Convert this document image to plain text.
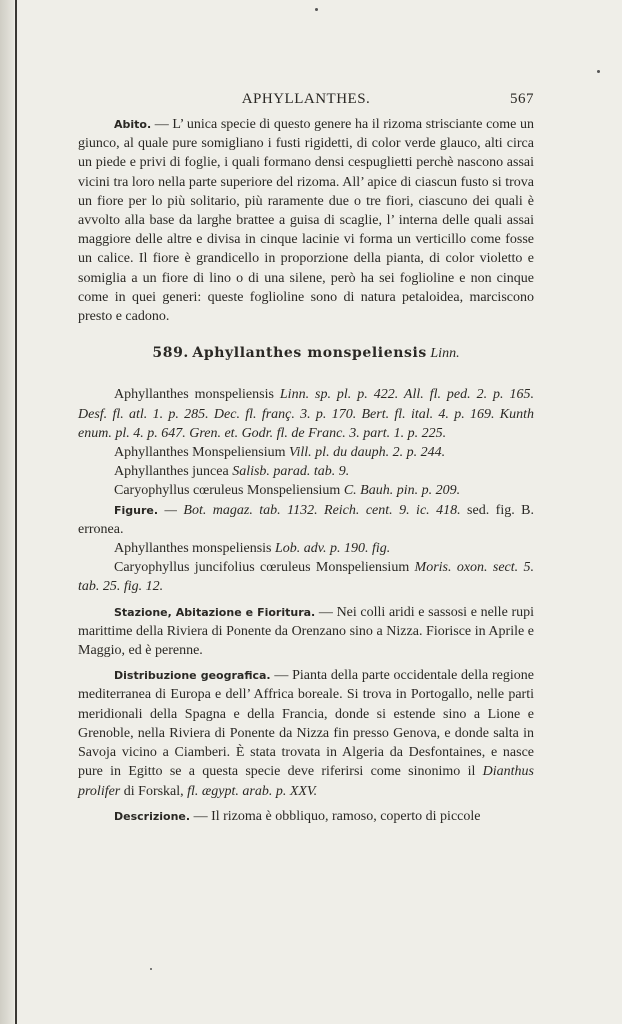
APHYLLANTHES.	567

Abito. — L’ unica specie di questo genere ha il rizoma strisciante come un giunco, al quale pure somigliano i fusti rigidetti, di color verde glauco, alti circa un piede e privi di foglie, i quali formano densi cespuglietti perchè nascono assai vicini tra loro nella parte superiore del rizoma. All’ apice di ciascun fusto si trova un fiore per lo più solitario, più raramente due o tre fiori, ciascuno dei quali è avvolto alla base da larghe brattee a guisa di scaglie, l’ interna delle quali assai maggiore delle altre e divisa in cinque lacinie vi forma un verticillo come fosse un calice. Il fiore è grandicello in proporzione della pianta, di color violetto e somiglia a un fiore di lino o di una silene, però ha sei foglioline e non cinque come in quei generi: queste foglioline sono di natura petaloidea, marciscono presto e cadono.

589. Aphyllanthes monspeliensis Linn.

Aphyllanthes monspeliensis Linn. sp. pl. p. 422. All. fl. ped. 2. p. 165. Desf. fl. atl. 1. p. 285. Dec. fl. franç. 3. p. 170. Bert. fl. ital. 4. p. 169. Kunth enum. pl. 4. p. 647. Gren. et. Godr. fl. de Franc. 3. part. 1. p. 225.

Aphyllanthes Monspeliensium Vill. pl. du dauph. 2. p. 244.

Aphyllanthes juncea Salisb. parad. tab. 9.

Caryophyllus cœruleus Monspeliensium C. Bauh. pin. p. 209.

Figure. — Bot. magaz. tab. 1132. Reich. cent. 9. ic. 418. sed. fig. B. erronea.

Aphyllanthes monspeliensis Lob. adv. p. 190. fig.

Caryophyllus juncifolius cœruleus Monspeliensium Moris. oxon. sect. 5. tab. 25. fig. 12.

Stazione, Abitazione e Fioritura. — Nei colli aridi e sassosi e nelle rupi marittime della Riviera di Ponente da Orenzano sino a Nizza. Fiorisce in Aprile e Maggio, ed è perenne.

Distribuzione geografica. — Pianta della parte occidentale della regione mediterranea di Europa e dell’ Affrica boreale. Si trova in Portogallo, nelle parti meridionali della Spagna e della Francia, donde si estende sino a Lione e Grenoble, nella Riviera di Ponente da Nizza fin presso Genova, e donde salta in Savoja vicino a Ciamberi. È stata trovata in Algeria da Desfontaines, e nasce pure in Egitto se a questa specie deve riferirsi come sinonimo il Dianthus prolifer di Forskal, fl. ægypt. arab. p. XXV.

Descrizione. — Il rizoma è obbliquo, ramoso, coperto di piccole
